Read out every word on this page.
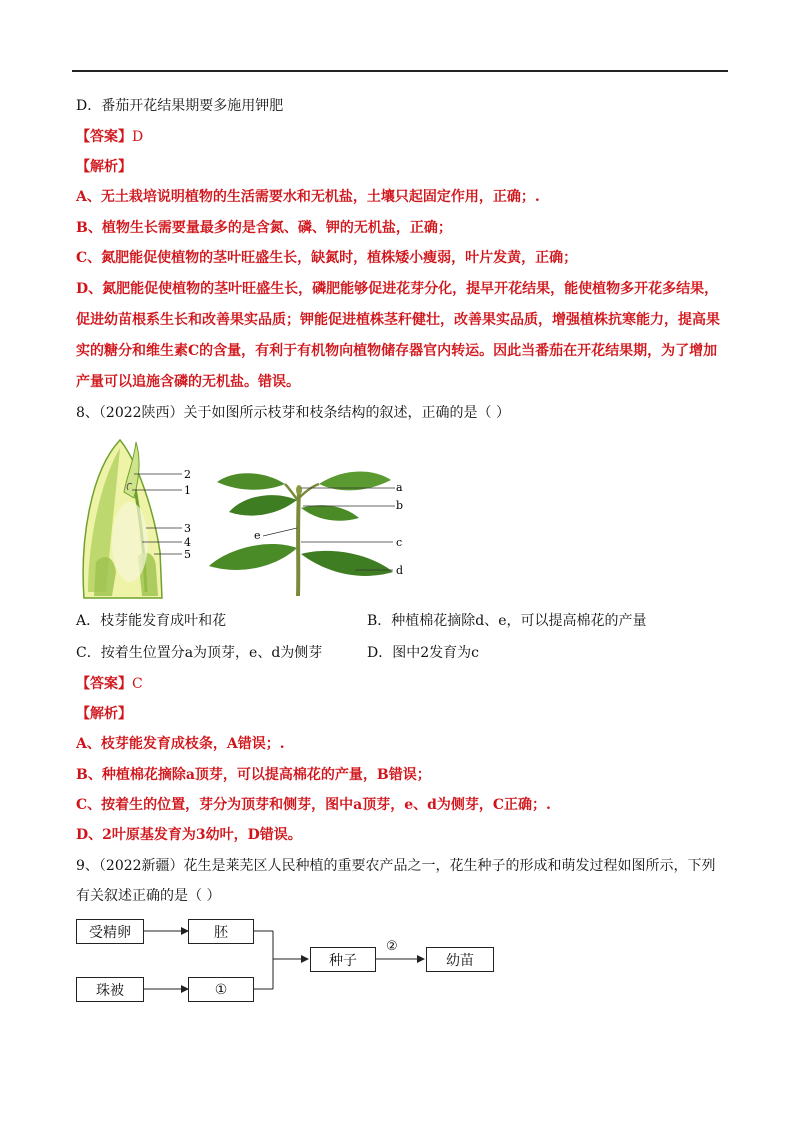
D．番茄开花结果期要多施用钾肥
【答案】D
【解析】
A、无土栽培说明植物的生活需要水和无机盐，土壤只起固定作用，正确；.
B、植物生长需要量最多的是含氮、磷、钾的无机盐，正确；
C、氮肥能促使植物的茎叶旺盛生长，缺氮时，植株矮小瘦弱，叶片发黄，正确；
D、氮肥能促使植物的茎叶旺盛生长，磷肥能够促进花芽分化，提早开花结果，能使植物多开花多结果，
促进幼苗根系生长和改善果实品质；钾能促进植株茎秆健壮，改善果实品质，增强植株抗寒能力，提高果
实的糖分和维生素C的含量，有利于有机物向植物储存器官内转运。因此当番茄在开花结果期，为了增加
产量可以追施含磷的无机盐。错误。
8、（2022陕西）关于如图所示枝芽和枝条结构的叙述，正确的是（ ）
2
1
3
4
5
a
b
e
c
d
A．枝芽能发育成叶和花	B．种植棉花摘除d、e，可以提高棉花的产量
C．按着生位置分a为顶芽，e、d为侧芽	D．图中2发育为c
【答案】C
【解析】
A、枝芽能发育成枝条，A错误；.
B、种植棉花摘除a顶芽，可以提高棉花的产量，B错误；
C、按着生的位置，芽分为顶芽和侧芽，图中a顶芽，e、d为侧芽，C正确；.
D、2叶原基发育为3幼叶，D错误。
9、（2022新疆）花生是莱芜区人民种植的重要农产品之一，花生种子的形成和萌发过程如图所示，下列
有关叙述正确的是（ ）
受精卵	胚
珠被	①
种子
②
幼苗
